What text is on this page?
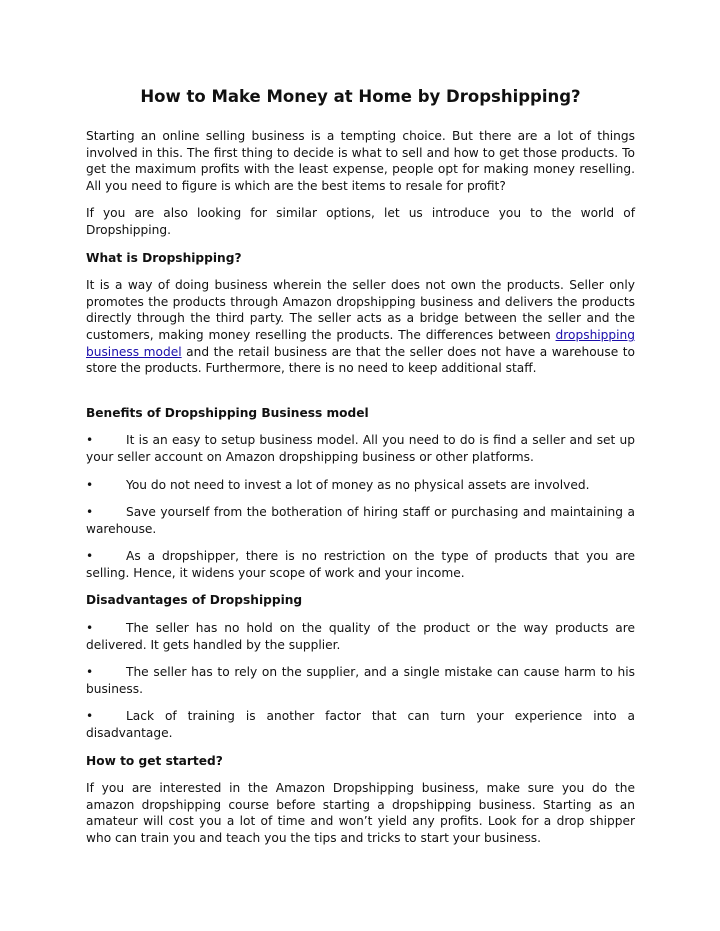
How to Make Money at Home by Dropshipping?

Starting an online selling business is a tempting choice. But there are a lot of things involved in this. The first thing to decide is what to sell and how to get those products. To get the maximum profits with the least expense, people opt for making money reselling. All you need to figure is which are the best items to resale for profit?

If you are also looking for similar options, let us introduce you to the world of Dropshipping.

What is Dropshipping?

It is a way of doing business wherein the seller does not own the products. Seller only promotes the products through Amazon dropshipping business and delivers the products directly through the third party. The seller acts as a bridge between the seller and the customers, making money reselling the products. The differences between dropshipping business model and the retail business are that the seller does not have a warehouse to store the products. Furthermore, there is no need to keep additional staff.

Benefits of Dropshipping Business model

•	It is an easy to setup business model. All you need to do is find a seller and set up your seller account on Amazon dropshipping business or other platforms.

•	You do not need to invest a lot of money as no physical assets are involved.

•	Save yourself from the botheration of hiring staff or purchasing and maintaining a warehouse.

•	As a dropshipper, there is no restriction on the type of products that you are selling. Hence, it widens your scope of work and your income.

Disadvantages of Dropshipping

•	The seller has no hold on the quality of the product or the way products are delivered. It gets handled by the supplier.

•	The seller has to rely on the supplier, and a single mistake can cause harm to his business.

•	Lack of training is another factor that can turn your experience into a disadvantage.

How to get started?

If you are interested in the Amazon Dropshipping business, make sure you do the amazon dropshipping course before starting a dropshipping business. Starting as an amateur will cost you a lot of time and won’t yield any profits. Look for a drop shipper who can train you and teach you the tips and tricks to start your business.
